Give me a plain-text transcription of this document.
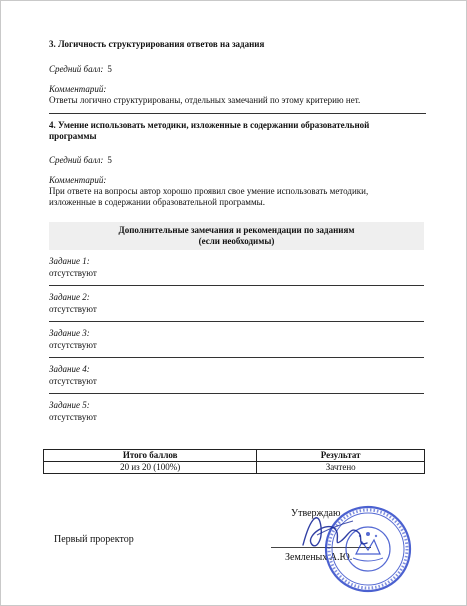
3. Логичность структурирования ответов на задания
Средний балл: 5
Комментарий:
Ответы логично структурированы, отдельных замечаний по этому критерию нет.
4. Умение использовать методики, изложенные в содержании образовательной
программы
Средний балл: 5
Комментарий:
При ответе на вопросы автор хорошо проявил свое умение использовать методики,
изложенные в содержании образовательной программы.
Дополнительные замечания и рекомендации по заданиям
(если необходимы)
Задание 1:
отсутствуют
Задание 2:
отсутствуют
Задание 3:
отсутствуют
Задание 4:
отсутствуют
Задание 5:
отсутствуют
Итого баллов	Результат
20 из 20 (100%)	Зачтено
Первый проректор
Утверждаю
Земленых А.Ю.
